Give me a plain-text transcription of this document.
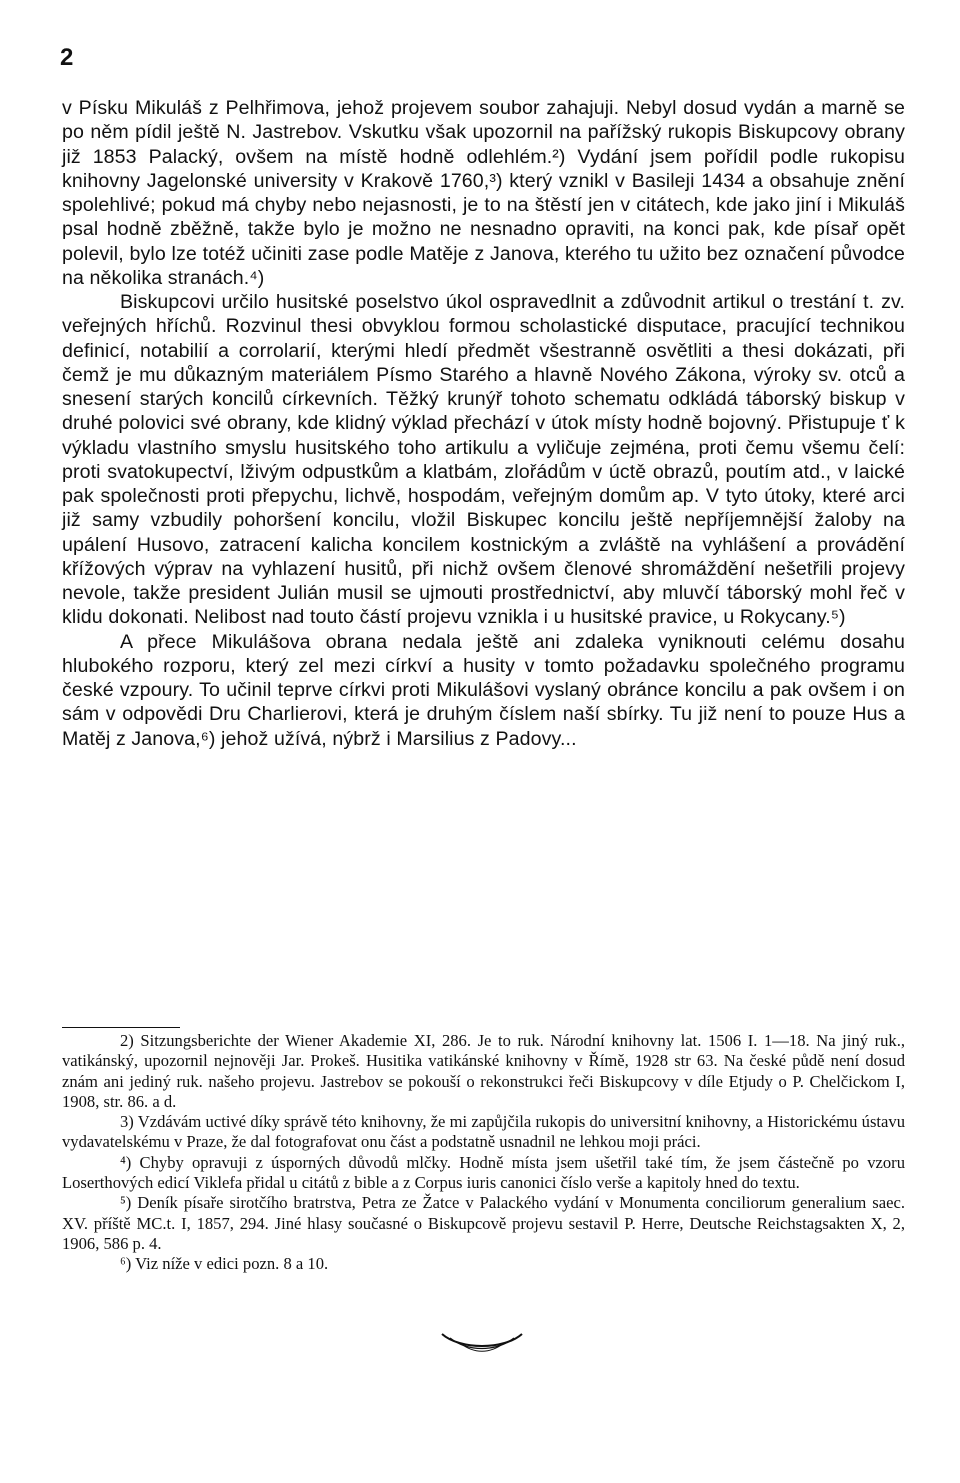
2

v Písku Mikuláš z Pelhřimova, jehož projevem soubor zahajuji. Nebyl dosud vydán a marně se po něm pídil ještě N. Jastrebov. Vskutku však upozornil na pařížský rukopis Biskupcovy obrany již 1853 Palacký, ovšem na místě hodně odlehlém.²) Vydání jsem pořídil podle rukopisu knihovny Jagelonské university v Krakově 1760,³) který vznikl v Basileji 1434 a obsahuje znění spolehlivé; pokud má chyby nebo nejasnosti, je to na štěstí jen v citátech, kde jako jiní i Mikuláš psal hodně zběžně, takže bylo je možno ne nesnadno opraviti, na konci pak, kde písař opět polevil, bylo lze totéž učiniti zase podle Matěje z Janova, kterého tu užito bez označení původce na několika stranách.⁴)

Biskupcovi určilo husitské poselstvo úkol ospravedlnit a zdůvodnit artikul o trestání t. zv. veřejných hříchů. Rozvinul thesi obvyklou formou scholastické disputace, pracující technikou definicí, notabilií a corrolarií, kterými hledí předmět všestranně osvětliti a thesi dokázati, při čemž je mu důkazným materiálem Písmo Starého a hlavně Nového Zákona, výroky sv. otců a snesení starých koncilů církevních. Těžký krunýř tohoto schematu odkládá táborský biskup v druhé polovici své obrany, kde klidný výklad přechází v útok místy hodně bojovný. Přistupuje ť k výkladu vlastního smyslu husitského toho artikulu a vyličuje zejména, proti čemu všemu čelí: proti svatokupectví, lživým odpustkům a klatbám, zlořádům v úctě obrazů, poutím atd., v laické pak společnosti proti přepychu, lichvě, hospodám, veřejným domům ap. V tyto útoky, které arci již samy vzbudily pohoršení koncilu, vložil Biskupec koncilu ještě nepříjemnější žaloby na upálení Husovo, zatracení kalicha koncilem kostnickým a zvláště na vyhlášení a provádění křížových výprav na vyhlazení husitů, při nichž ovšem členové shromáždění nešetřili projevy nevole, takže president Julián musil se ujmouti prostřednictví, aby mluvčí táborský mohl řeč v klidu dokonati. Nelibost nad touto částí projevu vznikla i u husitské pravice, u Rokycany.⁵)

A přece Mikulášova obrana nedala ještě ani zdaleka vyniknouti celému dosahu hlubokého rozporu, který zel mezi církví a husity v tomto požadavku společného programu české vzpoury. To učinil teprve církvi proti Mikulášovi vyslaný obránce koncilu a pak ovšem i on sám v odpovědi Dru Charlierovi, která je druhým číslem naší sbírky. Tu již není to pouze Hus a Matěj z Janova,⁶) jehož užívá, nýbrž i Marsilius z Padovy...

2) Sitzungsberichte der Wiener Akademie XI, 286. Je to ruk. Národní knihovny lat. 1506 I. 1—18. Na jiný ruk., vatikánský, upozornil nejnověji Jar. Prokeš. Husitika vatikánské knihovny v Římě, 1928 str 63. Na české půdě není dosud znám ani jediný ruk. našeho projevu. Jastrebov se pokouší o rekonstrukci řeči Biskupcovy v díle Etjudy o P. Chelčickom I, 1908, str. 86. a d.

3) Vzdávám uctivé díky správě této knihovny, že mi zapůjčila rukopis do universitní knihovny, a Historickému ústavu vydavatelskému v Praze, že dal fotografovat onu část a podstatně usnadnil ne lehkou moji práci.

⁴) Chyby opravuji z úsporných důvodů mlčky. Hodně místa jsem ušetřil také tím, že jsem částečně po vzoru Loserthových edicí Viklefa přidal u citátů z bible a z Corpus iuris canonici číslo verše a kapitoly hned do textu.

⁵) Deník písaře sirotčího bratrstva, Petra ze Žatce v Palackého vydání v Monumenta conciliorum generalium saec. XV. příště MC.t. I, 1857, 294. Jiné hlasy současné o Biskupcově projevu sestavil P. Herre, Deutsche Reichstagsakten X, 2, 1906, 586 p. 4.

⁶) Viz níže v edici pozn. 8 a 10.
